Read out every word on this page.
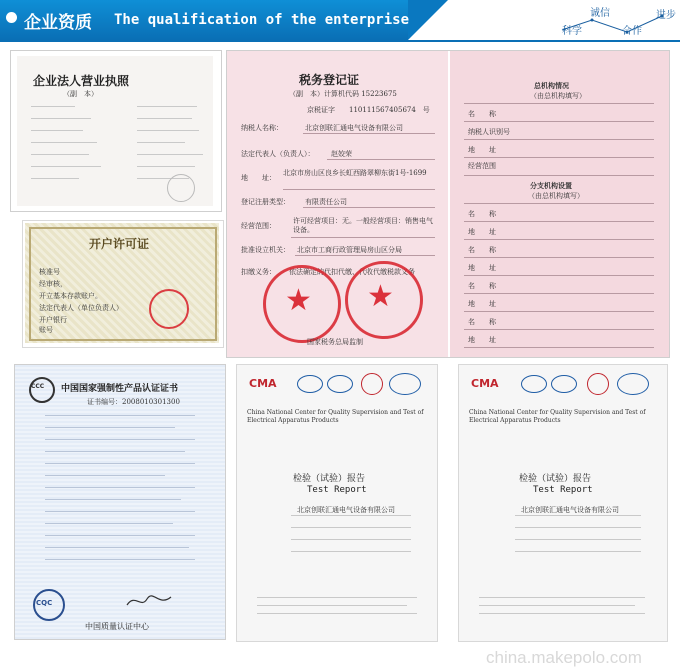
企业资质 The qualification of the enterprise	诚信	进步
科学	合作
企业法人营业执照
（副　本）
开户许可证
核准号
经审核，
开立基本存款账户。
法定代表人（单位负责人）
开户银行
账号
税务登记证
（副　本）计算机代码 15223675
京税证字 110111567405674　号
纳税人名称：	北京创联汇通电气设备有限公司
法定代表人（负责人）： 赵姣荣
地　　址：
北京市房山区良乡长虹西路翠柳东街1号-1699
登记注册类型： 有限责任公司
经营范围：
许可经营项目：无。一般经营项目：销售电气设备。
批准设立机关： 北京市工商行政管理局房山区分局
扣缴义务： 依法确定的代扣代缴、代收代缴税款义务
★ ★
国家税务总局监制
总机构情况
（由总机构填写）
名　　称
纳税人识别号
地　　址
经营范围
分支机构设置
（由总机构填写）
名　　称
地　　址
名　　称
地　　址
名　　称
地　　址
名　　称
地　　址
CCC 中国国家强制性产品认证证书
证书编号：2008010301300
CQC
中国质量认证中心
CMA
China National Center for Quality Supervision and Test of Electrical Apparatus Products
检验（试验）报告
Test Report
北京创联汇通电气设备有限公司
CMA
China National Center for Quality Supervision and Test of Electrical Apparatus Products
检验（试验）报告
Test Report
北京创联汇通电气设备有限公司
china.makepolo.com
